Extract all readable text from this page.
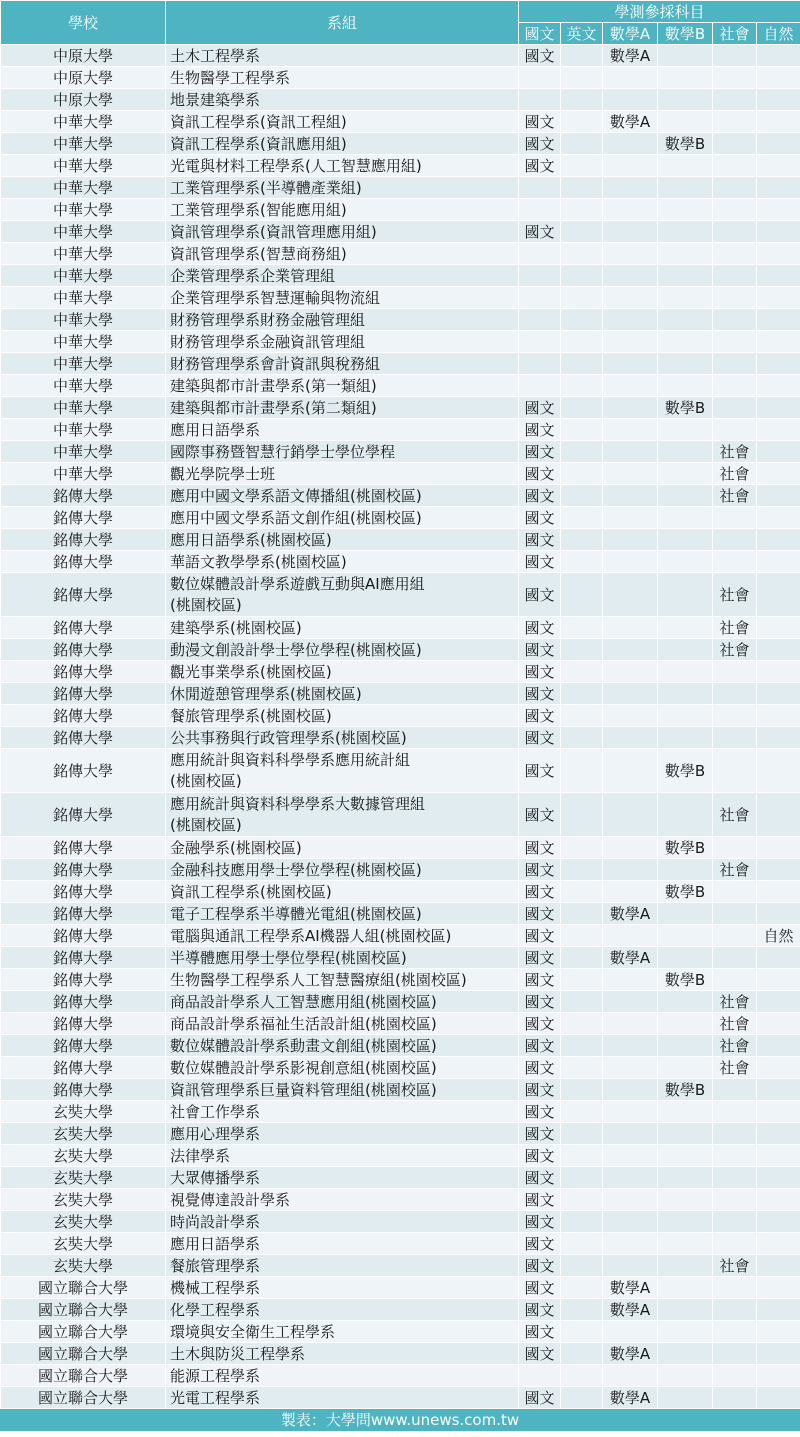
學校	系組	學測參採科目					
		國文	英文	數學A	數學B	社會	自然
中原大學	土木工程學系	國文		數學A			
中原大學	生物醫學工程學系						
中原大學	地景建築學系						
中華大學	資訊工程學系(資訊工程組)	國文		數學A			
中華大學	資訊工程學系(資訊應用組)	國文			數學B		
中華大學	光電與材料工程學系(人工智慧應用組)	國文					
中華大學	工業管理學系(半導體產業組)						
中華大學	工業管理學系(智能應用組)						
中華大學	資訊管理學系(資訊管理應用組)	國文					
中華大學	資訊管理學系(智慧商務組)						
中華大學	企業管理學系企業管理組						
中華大學	企業管理學系智慧運輸與物流組						
中華大學	財務管理學系財務金融管理組						
中華大學	財務管理學系金融資訊管理組						
中華大學	財務管理學系會計資訊與稅務組						
中華大學	建築與都市計畫學系(第一類組)						
中華大學	建築與都市計畫學系(第二類組)	國文			數學B		
中華大學	應用日語學系	國文					
中華大學	國際事務暨智慧行銷學士學位學程	國文				社會	
中華大學	觀光學院學士班	國文				社會	
銘傳大學	應用中國文學系語文傳播組(桃園校區)	國文				社會	
銘傳大學	應用中國文學系語文創作組(桃園校區)	國文					
銘傳大學	應用日語學系(桃園校區)	國文					
銘傳大學	華語文教學學系(桃園校區)	國文					
銘傳大學	數位媒體設計學系遊戲互動與AI應用組
(桃園校區)	國文				社會	
銘傳大學	建築學系(桃園校區)	國文				社會	
銘傳大學	動漫文創設計學士學位學程(桃園校區)	國文				社會	
銘傳大學	觀光事業學系(桃園校區)	國文					
銘傳大學	休閒遊憩管理學系(桃園校區)	國文					
銘傳大學	餐旅管理學系(桃園校區)	國文					
銘傳大學	公共事務與行政管理學系(桃園校區)	國文					
銘傳大學	應用統計與資料科學學系應用統計組
(桃園校區)	國文			數學B		
銘傳大學	應用統計與資料科學學系大數據管理組
(桃園校區)	國文				社會	
銘傳大學	金融學系(桃園校區)	國文			數學B		
銘傳大學	金融科技應用學士學位學程(桃園校區)	國文				社會	
銘傳大學	資訊工程學系(桃園校區)	國文			數學B		
銘傳大學	電子工程學系半導體光電組(桃園校區)	國文		數學A			
銘傳大學	電腦與通訊工程學系AI機器人組(桃園校區)	國文					自然
銘傳大學	半導體應用學士學位學程(桃園校區)	國文		數學A			
銘傳大學	生物醫學工程學系人工智慧醫療組(桃園校區)	國文			數學B		
銘傳大學	商品設計學系人工智慧應用組(桃園校區)	國文				社會	
銘傳大學	商品設計學系福祉生活設計組(桃園校區)	國文				社會	
銘傳大學	數位媒體設計學系動畫文創組(桃園校區)	國文				社會	
銘傳大學	數位媒體設計學系影視創意組(桃園校區)	國文				社會	
銘傳大學	資訊管理學系巨量資料管理組(桃園校區)	國文			數學B		
玄奘大學	社會工作學系	國文					
玄奘大學	應用心理學系	國文					
玄奘大學	法律學系	國文					
玄奘大學	大眾傳播學系	國文					
玄奘大學	視覺傳達設計學系	國文					
玄奘大學	時尚設計學系	國文					
玄奘大學	應用日語學系	國文					
玄奘大學	餐旅管理學系	國文				社會	
國立聯合大學	機械工程學系	國文		數學A			
國立聯合大學	化學工程學系	國文		數學A			
國立聯合大學	環境與安全衛生工程學系	國文					
國立聯合大學	土木與防災工程學系	國文		數學A			
國立聯合大學	能源工程學系						
國立聯合大學	光電工程學系	國文		數學A			
製表：大學問www.unews.com.tw
